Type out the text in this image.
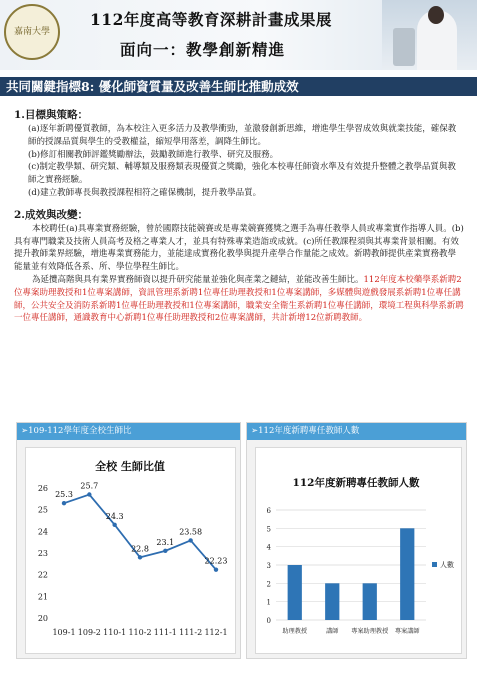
嘉南大學
112年度高等教育深耕計畫成果展
面向一：教學創新精進
共同關鍵指標8: 優化師資質量及改善生師比推動成效

1.目標與策略：

(a)逐年新聘優質教師，為本校注入更多活力及教學衝勁，並激發創新思維，增進學生學習成效與就業技能，確保教師的授課品質與學生的受教權益，縮短學用落差，調降生師比。

(b)修訂相關教師評鑑獎勵辦法，鼓勵教師進行教學、研究及服務。

(c)制定教學類、研究類、輔導類及服務類表現優質之獎勵，強化本校專任師資水準及有效提升整體之教學品質與教師之實務經驗。

(d)建立教師專長與教授課程相符之確保機制，提升教學品質。

2.成效與改變：

本校聘任(a)具專業實務經驗，曾於國際技能競賽或是專業競賽獲獎之選手為專任教學人員或專業實作指導人員。(b)具有專門職業及技術人員高考及格之專業人才，並具有特殊專業造詣或成就。(c)所任教課程須與其專業背景相關。有效提升教師業界經驗，增進專業實務能力，並能達成實務化教學與提升產學合作量能之成效。新聘教師提供產業實務教學能量並有效降低各系、所、學位學程生師比。

為延攬高階與具有業界實務師資以提升研究能量並強化與產業之鏈結，並能改善生師比。112年度本校藥學系新聘2位專案助理教授和1位專案講師，資訊管理系新聘1位專任助理教授和1位專案講師，多媒體與遊戲發展系新聘1位專任講師，公共安全及消防系新聘1位專任助理教授和1位專案講師，職業安全衛生系新聘1位專任講師，環境工程與科學系新聘一位專任講師，通識教育中心新聘1位專任助理教授和2位專案講師，共計新增12位新聘教師。

➢109-112學年度全校生師比
全校 生師比值
20
21
22
23
24
25
26
109-1 109-2 110-1 110-2 111-1 111-2 112-1
25.3
25.7
24.3
22.8
23.1
23.58
22.23
➢112年度新聘專任教師人數
112年度新聘專任教師人數
0
1
2
3
4
5
6
助理教授	講師 專案助理教授 專案講師
人數
